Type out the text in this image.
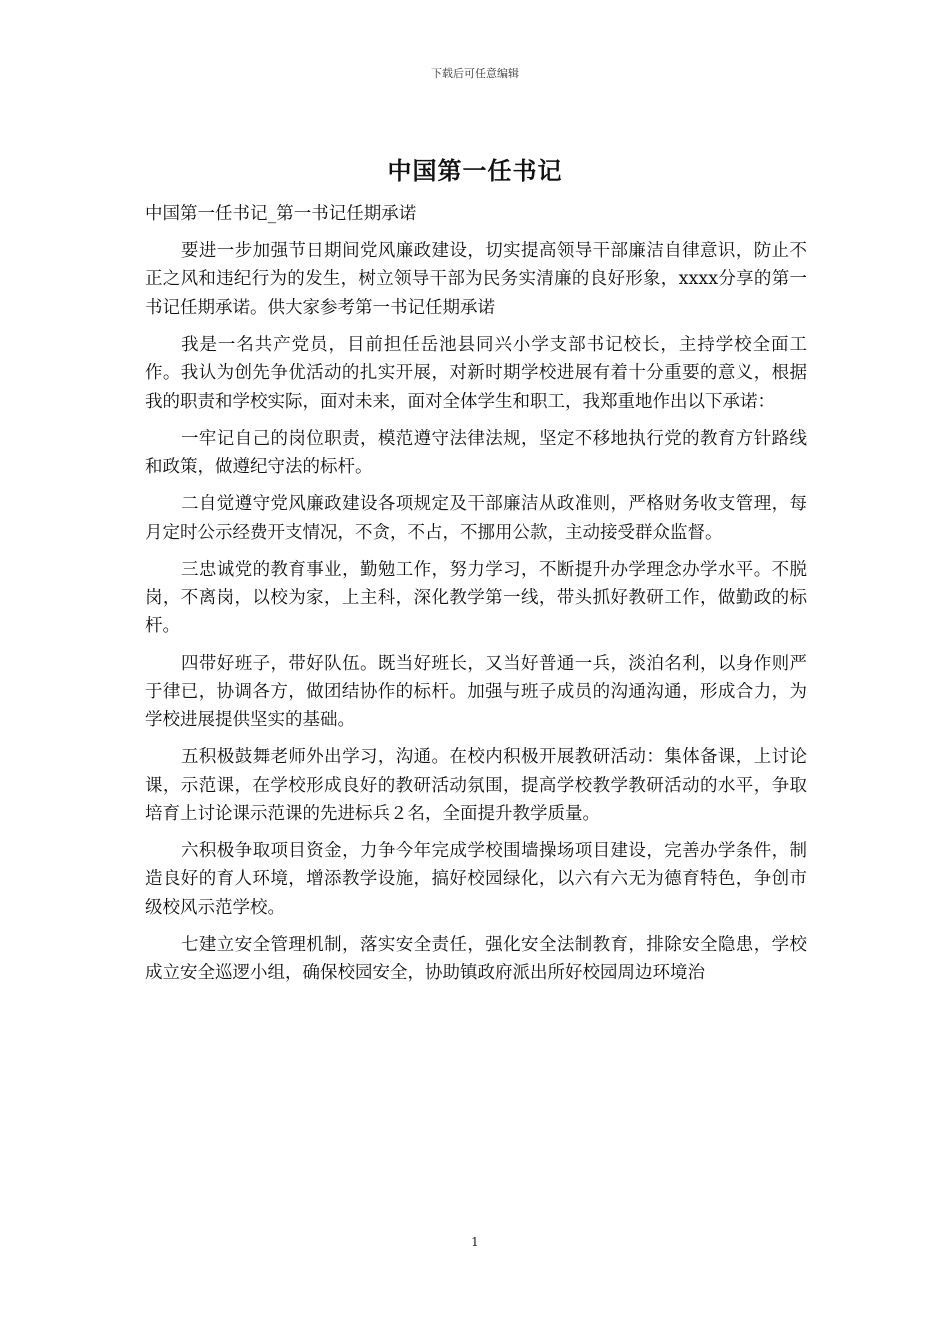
下载后可任意编辑
中国第一任书记

中国第一任书记_第一书记任期承诺

要进一步加强节日期间党风廉政建设，切实提高领导干部廉洁自律意识，防止不正之风和违纪行为的发生，树立领导干部为民务实清廉的良好形象，xxxx分享的第一书记任期承诺。供大家参考第一书记任期承诺

我是一名共产党员，目前担任岳池县同兴小学支部书记校长，主持学校全面工作。我认为创先争优活动的扎实开展，对新时期学校进展有着十分重要的意义，根据我的职责和学校实际，面对未来，面对全体学生和职工，我郑重地作出以下承诺：

一牢记自己的岗位职责，模范遵守法律法规，坚定不移地执行党的教育方针路线和政策，做遵纪守法的标杆。

二自觉遵守党风廉政建设各项规定及干部廉洁从政准则，严格财务收支管理，每月定时公示经费开支情况，不贪，不占，不挪用公款，主动接受群众监督。

三忠诚党的教育事业，勤勉工作，努力学习，不断提升办学理念办学水平。不脱岗，不离岗，以校为家，上主科，深化教学第一线，带头抓好教研工作，做勤政的标杆。

四带好班子，带好队伍。既当好班长，又当好普通一兵，淡泊名利，以身作则严于律已，协调各方，做团结协作的标杆。加强与班子成员的沟通沟通，形成合力，为学校进展提供坚实的基础。

五积极鼓舞老师外出学习，沟通。在校内积极开展教研活动：集体备课，上讨论课，示范课，在学校形成良好的教研活动氛围，提高学校教学教研活动的水平，争取培育上讨论课示范课的先进标兵２名，全面提升教学质量。

六积极争取项目资金，力争今年完成学校围墙操场项目建设，完善办学条件，制造良好的育人环境，增添教学设施，搞好校园绿化，以六有六无为德育特色，争创市级校风示范学校。

七建立安全管理机制，落实安全责任，强化安全法制教育，排除安全隐患，学校成立安全巡逻小组，确保校园安全，协助镇政府派出所好校园周边环境治

1
